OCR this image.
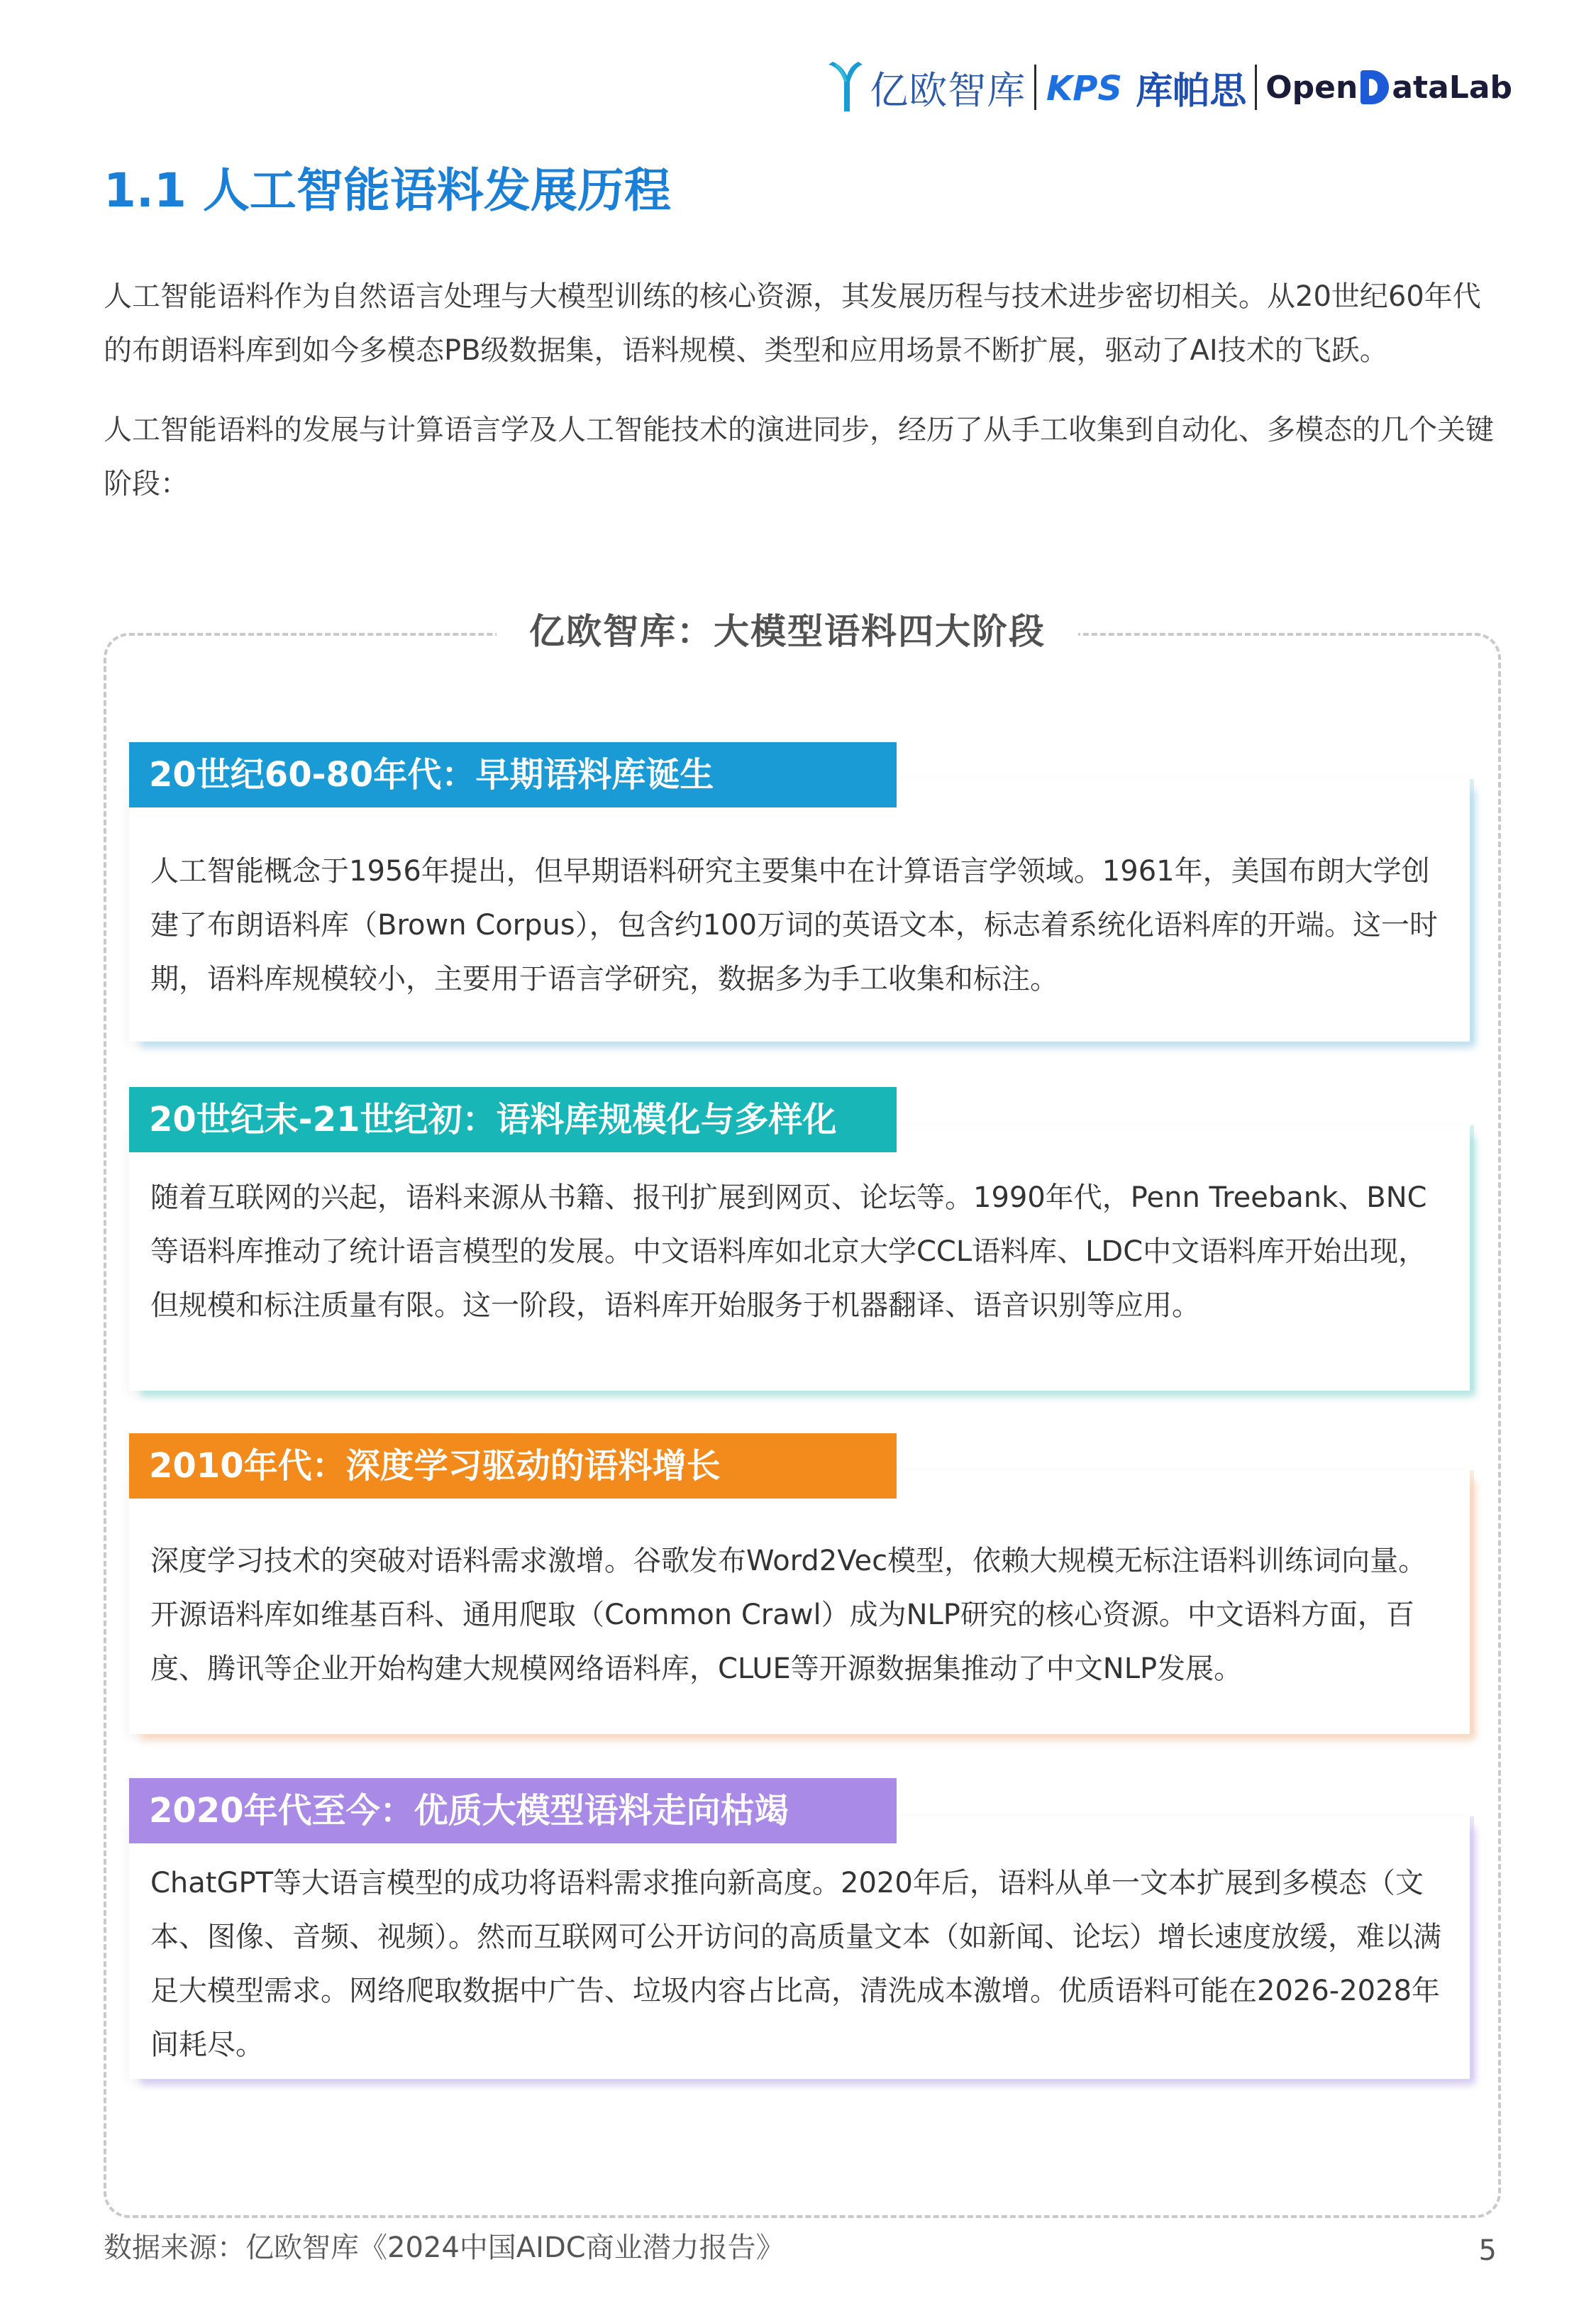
亿欧智库 KPS 库帕思 Open ataLab
1.1 人工智能语料发展历程

人工智能语料作为自然语言处理与大模型训练的核心资源，其发展历程与技术进步密切相关。从20世纪60年代的布朗语料库到如今多模态PB级数据集，语料规模、类型和应用场景不断扩展，驱动了AI技术的飞跃。

人工智能语料的发展与计算语言学及人工智能技术的演进同步，经历了从手工收集到自动化、多模态的几个关键阶段：

亿欧智库：大模型语料四大阶段
20世纪60-80年代：早期语料库诞生

人工智能概念于1956年提出，但早期语料研究主要集中在计算语言学领域。1961年，美国布朗大学创建了布朗语料库（Brown Corpus），包含约100万词的英语文本，标志着系统化语料库的开端。这一时期，语料库规模较小，主要用于语言学研究，数据多为手工收集和标注。

20世纪末-21世纪初：语料库规模化与多样化

随着互联网的兴起，语料来源从书籍、报刊扩展到网页、论坛等。1990年代，Penn Treebank、BNC等语料库推动了统计语言模型的发展。中文语料库如北京大学CCL语料库、LDC中文语料库开始出现，但规模和标注质量有限。这一阶段，语料库开始服务于机器翻译、语音识别等应用。

2010年代：深度学习驱动的语料增长

深度学习技术的突破对语料需求激增。谷歌发布Word2Vec模型，依赖大规模无标注语料训练词向量。开源语料库如维基百科、通用爬取（Common Crawl）成为NLP研究的核心资源。中文语料方面，百度、腾讯等企业开始构建大规模网络语料库，CLUE等开源数据集推动了中文NLP发展。

2020年代至今：优质大模型语料走向枯竭

ChatGPT等大语言模型的成功将语料需求推向新高度。2020年后，语料从单一文本扩展到多模态（文本、图像、音频、视频）。然而互联网可公开访问的高质量文本（如新闻、论坛）增长速度放缓，难以满足大模型需求。网络爬取数据中广告、垃圾内容占比高，清洗成本激增。优质语料可能在2026-2028年间耗尽。

数据来源：亿欧智库《2024中国AIDC商业潜力报告》	5
